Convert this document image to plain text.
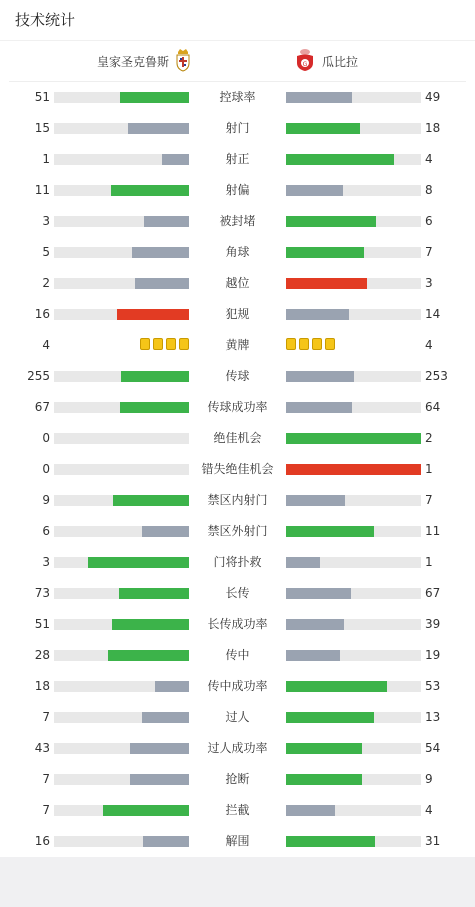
技术统计
皇家圣克鲁斯	G 瓜比拉
51	控球率	49
15	射门	18
1	射正	4
11	射偏	8
3	被封堵	6
5	角球	7
2	越位	3
16	犯规	14
4	黄牌	4
255	传球	253
67	传球成功率	64
0	绝佳机会	2
0	错失绝佳机会	1
9	禁区内射门	7
6	禁区外射门	11
3	门将扑救	1
73	长传	67
51	长传成功率	39
28	传中	19
18	传中成功率	53
7	过人	13
43	过人成功率	54
7	抢断	9
7	拦截	4
16	解围	31
